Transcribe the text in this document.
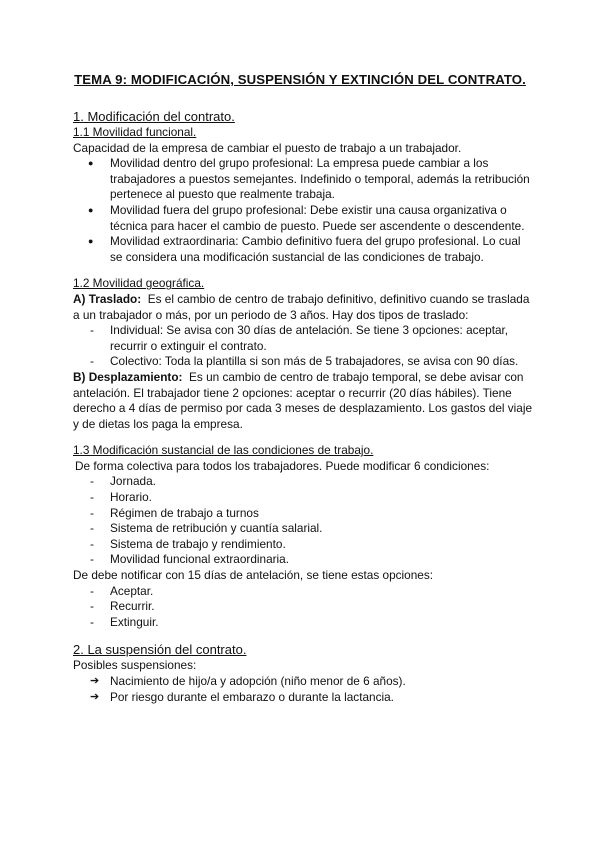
TEMA 9: MODIFICACIÓN, SUSPENSIÓN Y EXTINCIÓN DEL CONTRATO.

1. Modificación del contrato.

1.1 Movilidad funcional.

Capacidad de la empresa de cambiar el puesto de trabajo a un trabajador.

● Movilidad dentro del grupo profesional: La empresa puede cambiar a los trabajadores a puestos semejantes. Indefinido o temporal, además la retribución pertenece al puesto que realmente trabaja.
● Movilidad fuera del grupo profesional: Debe existir una causa organizativa o técnica para hacer el cambio de puesto. Puede ser ascendente o descendente.
● Movilidad extraordinaria: Cambio definitivo fuera del grupo profesional. Lo cual se considera una modificación sustancial de las condiciones de trabajo.

1.2 Movilidad geográfica.

A) Traslado: Es el cambio de centro de trabajo definitivo, definitivo cuando se traslada a un trabajador o más, por un periodo de 3 años. Hay dos tipos de traslado:

- Individual: Se avisa con 30 días de antelación. Se tiene 3 opciones: aceptar, recurrir o extinguir el contrato.
- Colectivo: Toda la plantilla si son más de 5 trabajadores, se avisa con 90 días.

B) Desplazamiento: Es un cambio de centro de trabajo temporal, se debe avisar con antelación. El trabajador tiene 2 opciones: aceptar o recurrir (20 días hábiles). Tiene derecho a 4 días de permiso por cada 3 meses de desplazamiento. Los gastos del viaje y de dietas los paga la empresa.

1.3 Modificación sustancial de las condiciones de trabajo.

De forma colectiva para todos los trabajadores. Puede modificar 6 condiciones:

- Jornada.
- Horario.
- Régimen de trabajo a turnos
- Sistema de retribución y cuantía salarial.
- Sistema de trabajo y rendimiento.
- Movilidad funcional extraordinaria.

De debe notificar con 15 días de antelación, se tiene estas opciones:

- Aceptar.
- Recurrir.
- Extinguir.

2. La suspensión del contrato.

Posibles suspensiones:

➔ Nacimiento de hijo/a y adopción (niño menor de 6 años).
➔ Por riesgo durante el embarazo o durante la lactancia.
